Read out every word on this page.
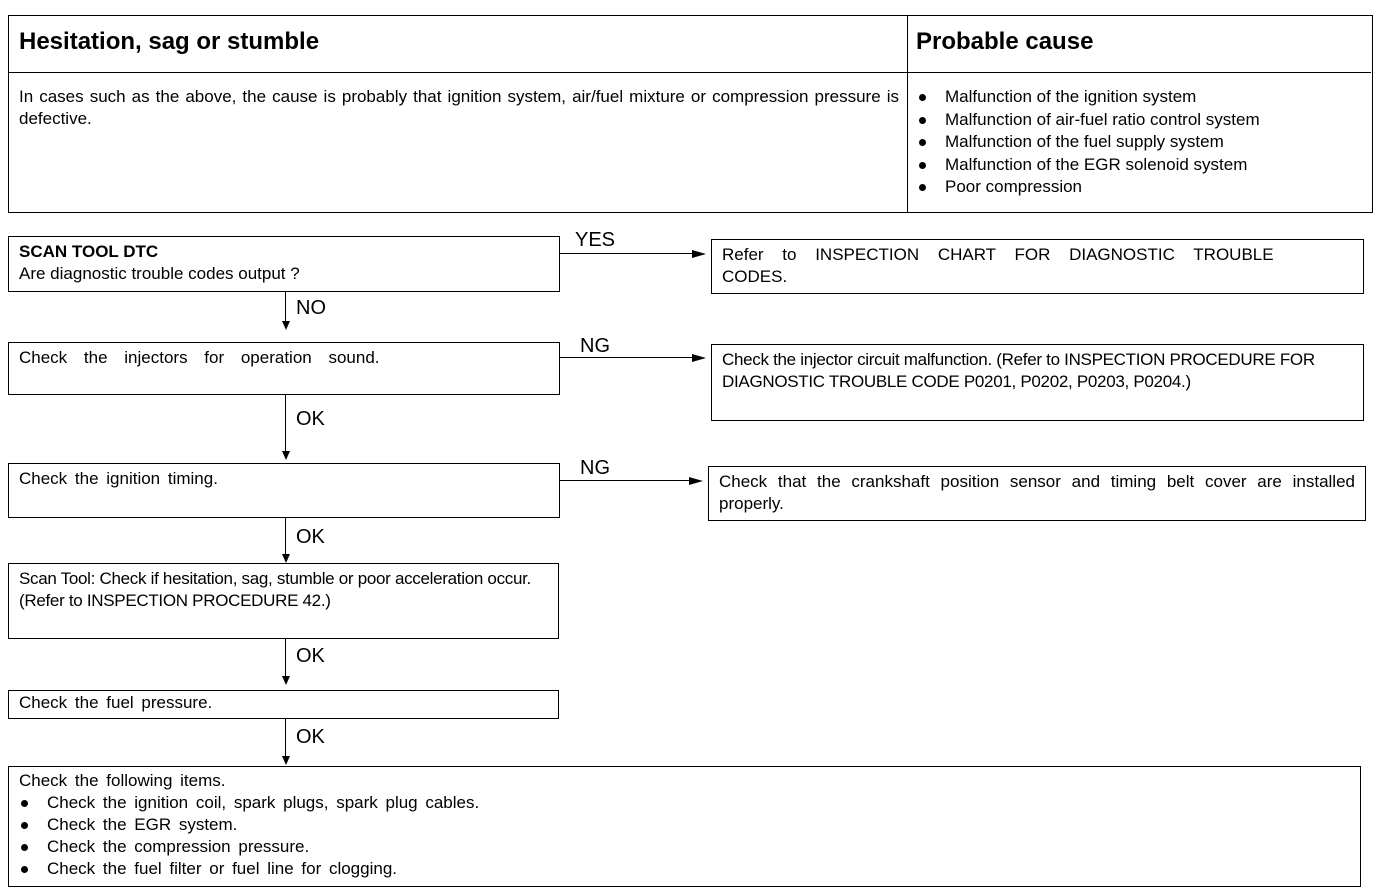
Hesitation, sag or stumble	Probable cause
In cases such as the above, the cause is probably that ignition system, air/fuel mixture or compression pressure is defective.
Malfunction of the ignition system
Malfunction of air-fuel ratio control system
Malfunction of the fuel supply system
Malfunction of the EGR solenoid system
Poor compression
SCAN TOOL DTC
Are diagnostic trouble codes output ?
YES
Refer to INSPECTION CHART FOR DIAGNOSTIC TROUBLE CODES.
NO
Check the injectors for operation sound.
NG
Check the injector circuit malfunction. (Refer to INSPECTION PROCEDURE FOR DIAGNOSTIC TROUBLE CODE P0201, P0202, P0203, P0204.)
OK
Check the ignition timing.	NG
Check that the crankshaft position sensor and timing belt cover are installed properly.
OK
Scan Tool: Check if hesitation, sag, stumble or poor acceleration occur. (Refer to INSPECTION PROCEDURE 42.)
OK
Check the fuel pressure.
OK
Check the following items.
Check the ignition coil, spark plugs, spark plug cables.
Check the EGR system.
Check the compression pressure.
Check the fuel filter or fuel line for clogging.
